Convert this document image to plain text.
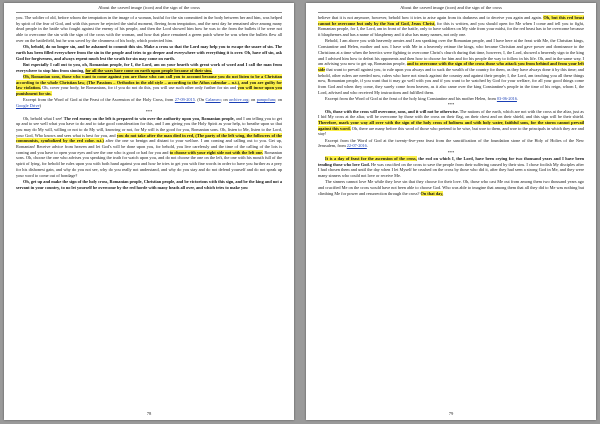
About the carved image (icon) and the sign of the cross

you. The soldier of old, before whom the temptation in the image of a woman, lustful for the sin committed in the body between her and him, was helped by spirit of the fear of God, and with this power he rejected the sinful moment, fleeing from temptation, and the next day he remained alive among many dead people in the battle who fought against the enemy of his people, and then the Lord showed him how he was to die from the bullets if he were not able to overcome the sin with the sign of the cross with the woman, and how that place remained a green patch where he was when the bullets flew all over on the battlefield, but he was saved by the cleanness of his body, which protected him.

Oh, behold, do no longer sin, and be ashamed to commit this sin. Make a cross so that the Lord may help you to escape the snare of sin. The earth has been filled everywhere from the sin in the people and tries to go deeper and everywhere with everything it is over. Oh, have off sin, ask God for forgiveness, and always repent much lest the wrath for sin may come on earth.

But especially I call out to you, oh, Romanian people, for I, the Lord, am on your hearth with great work of word and I call the man from everywhere to stop him from sinning, for all the wars have come on earth upon people because of their sins.

Oh, Romanian sons, those who want to come against you are those who can call you to account because you do not listen to be a Christian according to the whole Christian law, (The Passions – Orthodox in the old style – according to the Athos calendar – n.t.), and you are guilty for law violation. Oh, cover your body, be Romanians, for if you do not do this, you will use such other only further for sin and you will incur upon you punishment for sin.

Excerpt from the Word of God at the Feast of the Ascension of the Holy Cross, from 27-09-2015. (On Calameo; on archive.org; on pampolum; on Google Drive)

***

Oh, behold what I see! The red enemy on the left is prepared to win over the authority upon you, Romanian people, and I am telling you to get up and to see well what you have to do and to take good consideration for this, and I am giving you the Holy Spirit as your help, to breathe upon so that you may do My will, willing or not to do My will, knowing or not, for My will is the good for you, Romanian sons. Oh, listen to Me, listen to the Lord, your God, Who knows and sees what is best for you, and you do not take after the man died in red, (The party of the left wing, the followers of the communists, symbolized by the red color. n.t.) after the one so benign and distant to your welfare. I am coming and calling out to you. Get up, Romanian! Receive advice from heaven and let God's will be done upon you, for behold, you live carelessly and the time of the calling of the lots is coming and you have to open your eyes and see the one who is good or bad for you and to choose with your right side not with the left one. Romanian sons. Oh, choose the one who advises you speaking the truth for watch upon you, and do not choose the one on the left, the one with his mouth full of the spirit of lying, for behold he rules upon you with both hand against you and how he tries to get you with fine words in order to have you further as a prey for his dishonest gain, and why do you not see, why do you really not understand, and why do you stay and do not defend yourself and do not speak up your word to come out of bondage?

Oh, get up and make the sign of the holy cross, Romanian people, Christian people, and be victorious with this sign, and be the king and not a servant in your country, to no let yourself be overcome by the red horde with many heads all over, and which tries to make you

78
About the carved image (icon) and the sign of the cross

believe that it is not anymore, however, behold how it tries to arise again from its darkness and to deceive you again and again. Oh, but this red beast cannot be overcome but only by the Son of God, Jesus Christ, for this is written, and you should open for Me when I come and tell you to fight, Romanian people, for I, the Lord, am in front of the battle, only to have soldiers on My side from your midst, for the red beast has to be overcome because it blasphemes and has a name of blasphemy and it also has many names, not only one.

Behold, I am above you with heavenly armies and I am speaking over the Romanian people, and I have here at the feast with Me, the Christian kings, Constantine and Helen, mother and son. I have with Me in a heavenly retinue the kings, who became Christian and gave power and dominance to the Christians at a time when the heretics were fighting to overcome Christ's church during that time, however, I, the Lord, showed a heavenly sign to the king and I advised him how to defeat his opponents and then how to choose for him and for his people the way to follow in his life. Oh, and in the same way, I am advising you now to get up, Romanian people, and to overcome with the sign of the cross those who attack you from behind and from your left side that want to prevail against you, to rule upon you always and to suck the wealth of the country for them, as they have always done it by this time; and behold, other rulers are needed now, rulers who have not struck against the country and against their people; I, the Lord, am teaching you all these things now, Romanian people, if you want that it may go well with you and if you want to be watched by God for your welfare, for all your good things come from God and when they come, they surely come from heaven, as it also came over the king Constantine's people in the time of his reign, whom I, the Lord, advised and who received My instructions and fulfilled them.

Excerpt from the Word of God at the feast of the holy king Constantine and his mother Helen, from 03-06-2016.

***

Oh, those with the cross will overcome, sons, and it will not be otherwise. The nations of the earth, which are not with the cross at the altar, just as I hid My cross at the altar, will be overcome by those with the cross on their flag, on their chest and on their shield, and this sign will be their shield. Therefore, mark your way all over with the sign of the holy cross of holiness and with holy water, faithful sons, for the storm cannot prevail against this word. Oh, there are many before this word of those who pretend to be wise, but woe to them, and woe to the principals in which they are and stay!

Excerpt from the Word of God at the twenty-five-year feast from the sanctification of the foundation stone of the Holy of Holies of the New Jerusalem, from 22-07-2016.

***

It is a day of feast for the ascension of the cross, the rod on which I, the Lord, have been crying for two thousand years and I have been tending those who love God. He was crucified on the cross to save the people from their suffering caused by their sins. I chose foolish My disciples after I had chosen them and until the day when I let Myself be crushed on the cross by those who did it, after they had seen a strong God in Me, and they were many sinners who could not love or receive Me.

The sinners cannot love Me while they love sin that they choose for their love. Oh, those who cast Me out from among them two thousand years ago and crucified Me on the cross would have not been able to choose God. Who was able to imagine that among them that all they did to Me was nothing but climbing Me for power and resurrection through the cross? On that day,

79
